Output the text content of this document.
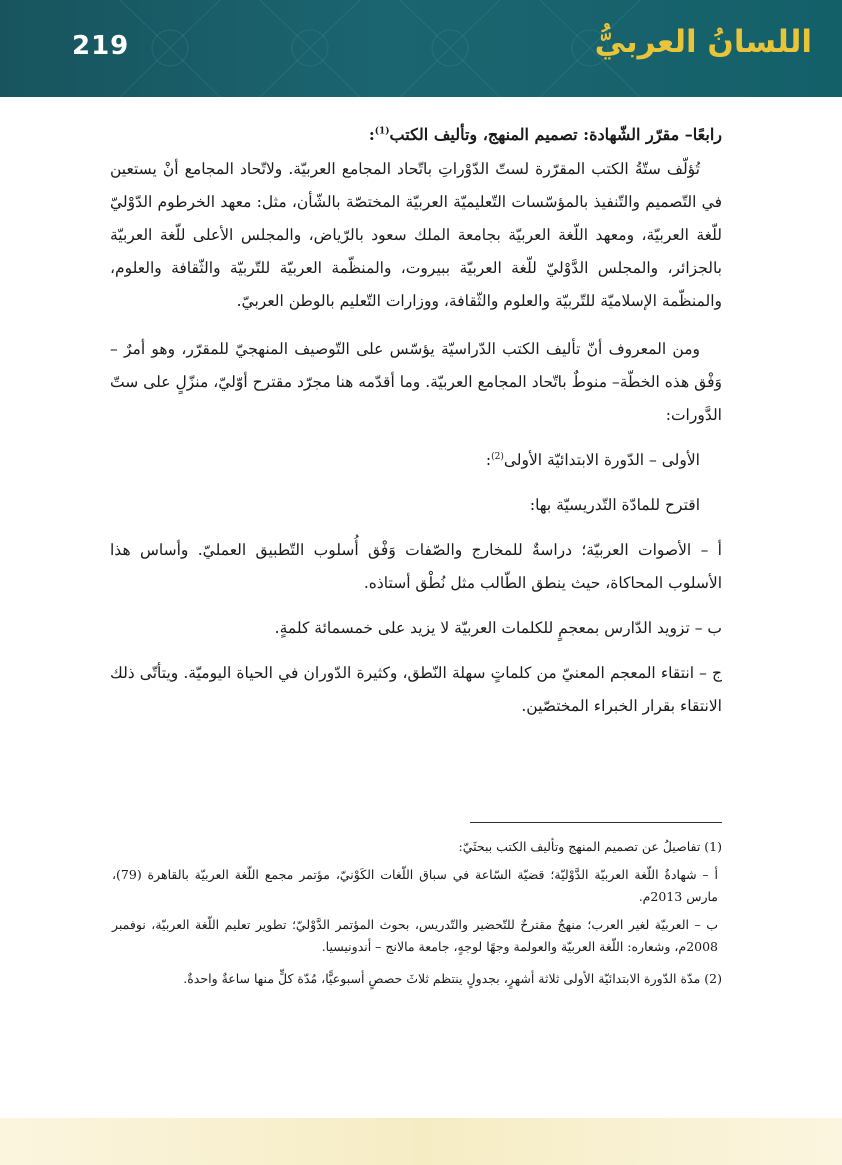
219	اللسانُ العربيُّ

رابعًا– مقرّر الشّهادة: تصميم المنهج، وتأليف الكتب$^{(1)}$:

تُؤلّف ستّةُ الكتب المقرّرة لستّ الدّوْراتِ باتّحاد المجامع العربيّة. ولاتّحاد المجامع أنْ يستعين في التّصميم والتّنفيذ بالمؤسّسات التّعليميّة العربيّة المختصّة بالشّأن، مثل: معهد الخرطوم الدّوْليّ للّغة العربيّة، ومعهد اللّغة العربيّة بجامعة الملك سعود بالرّياض، والمجلس الأعلى للّغة العربيّة بالجزائر، والمجلس الدَّوْليّ للّغة العربيّة ببيروت، والمنظّمة العربيّة للتّربيّة والثّقافة والعلوم، والمنظّمة الإسلاميّة للتّربيّة والعلوم والثّقافة، ووزارات التّعليم بالوطن العربيّ.

ومن المعروف أنّ تأليف الكتب الدّراسيّة يؤسّس على التّوصيف المنهجيّ للمقرّر، وهو أمرٌ –وَفْق هذه الخطّة– منوطٌ باتّحاد المجامع العربيّة. وما أقدّمه هنا مجرّد مقترح أوّليّ، منزّلٍ على ستّ الدَّورات:

الأولى – الدّورة الابتدائيّة الأولى$^{(2)}$:

اقترح للمادّة التّدريسيّة بها:

أ – الأصوات العربيّة؛ دراسةٌ للمخارج والصّفات وَفْق أُسلوب التّطبيق العمليّ. وأساس هذا الأسلوب المحاكاة، حيث ينطق الطّالب مثل نُطْق أستاذه.

ب – تزويد الدّارس بمعجمٍ للكلمات العربيّة لا يزيد على خمسمائة كلمةٍ.

ج – انتقاء المعجم المعنيّ من كلماتٍ سهلة النّطق، وكثيرة الدّوران في الحياة اليوميّة. ويتأتّى ذلك الانتقاء بقرار الخبراء المختصّين.

(1) تفاصيلُ عن تصميم المنهج وتأليف الكتب ببحثَيّ:

أ – شهادةُ اللّغة العربيّة الدَّوْليّة؛ قضيّة السّاعة في سباق اللّغات الكَوْنيّ، مؤتمر مجمع اللّغة العربيّة بالقاهرة (79)، مارس 2013م.

ب – العربيّة لغير العرب؛ منهجٌ مقترحٌ للتّحضير والتّدريس، بحوث المؤتمر الدَّوْليّ؛ تطوير تعليم اللّغة العربيّة، نوفمبر 2008م، وشعاره: اللّغة العربيّة والعولمة وجهًا لوجهٍ، جامعة مالانج – أندونيسيا.

(2) مدّة الدّورة الابتدائيّة الأولى ثلاثة أشهرٍ، بجدولٍ ينتظم ثلاثَ حصصٍ أسبوعيًّا، مُدّة كلٍّ منها ساعةٌ واحدةٌ.
